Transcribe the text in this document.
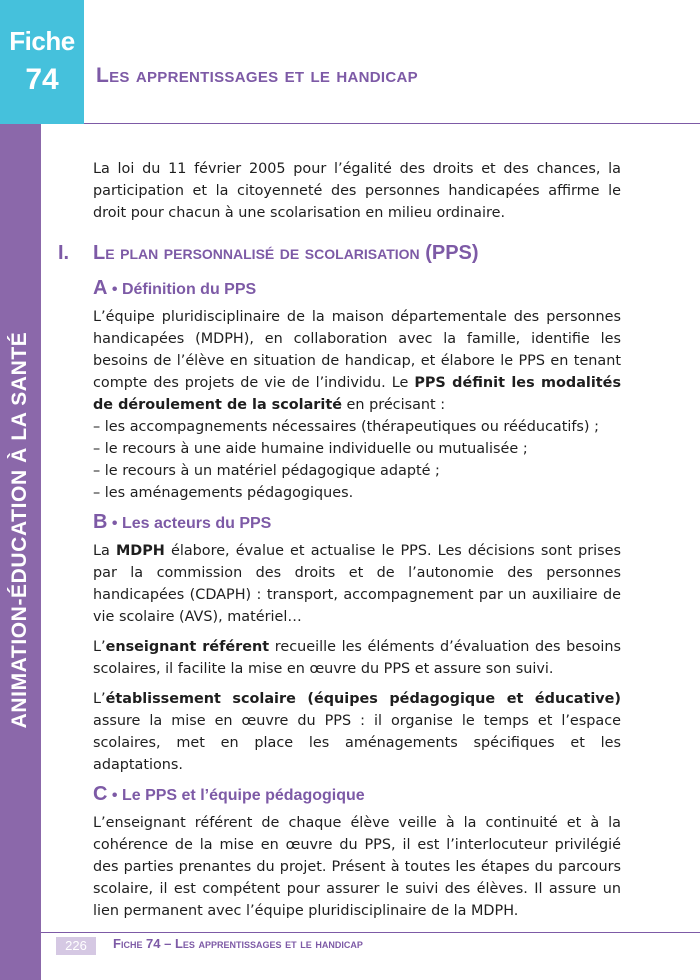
Fiche
74	Les apprentissages et le handicap
ANIMATION-ÉDUCATION À LA SANTÉ

La loi du 11 février 2005 pour l’égalité des droits et des chances, la participation et la citoyenneté des personnes handicapées affirme le droit pour chacun à une scolarisation en milieu ordinaire.

I. Le plan personnalisé de scolarisation (PPS)
A • Définition du PPS

L’équipe pluridisciplinaire de la maison départementale des personnes handicapées (MDPH), en collaboration avec la famille, identifie les besoins de l’élève en situation de handicap, et élabore le PPS en tenant compte des projets de vie de l’individu. Le PPS définit les modalités de déroulement de la scolarité en précisant :

– les accompagnements nécessaires (thérapeutiques ou rééducatifs) ;
– le recours à une aide humaine individuelle ou mutualisée ;
– le recours à un matériel pédagogique adapté ;
– les aménagements pédagogiques.
B • Les acteurs du PPS

La MDPH élabore, évalue et actualise le PPS. Les décisions sont prises par la commission des droits et de l’autonomie des personnes handicapées (CDAPH) : transport, accompagnement par un auxiliaire de vie scolaire (AVS), matériel…

L’enseignant référent recueille les éléments d’évaluation des besoins scolaires, il facilite la mise en œuvre du PPS et assure son suivi.

L’établissement scolaire (équipes pédagogique et éducative) assure la mise en œuvre du PPS : il organise le temps et l’espace scolaires, met en place les aménagements spécifiques et les adaptations.

C • Le PPS et l’équipe pédagogique

L’enseignant référent de chaque élève veille à la continuité et à la cohérence de la mise en œuvre du PPS, il est l’interlocuteur privilégié des parties prenantes du projet. Présent à toutes les étapes du parcours scolaire, il est compétent pour assurer le suivi des élèves. Il assure un lien permanent avec l’équipe pluridisciplinaire de la MDPH.

226	Fiche 74 – Les apprentissages et le handicap
